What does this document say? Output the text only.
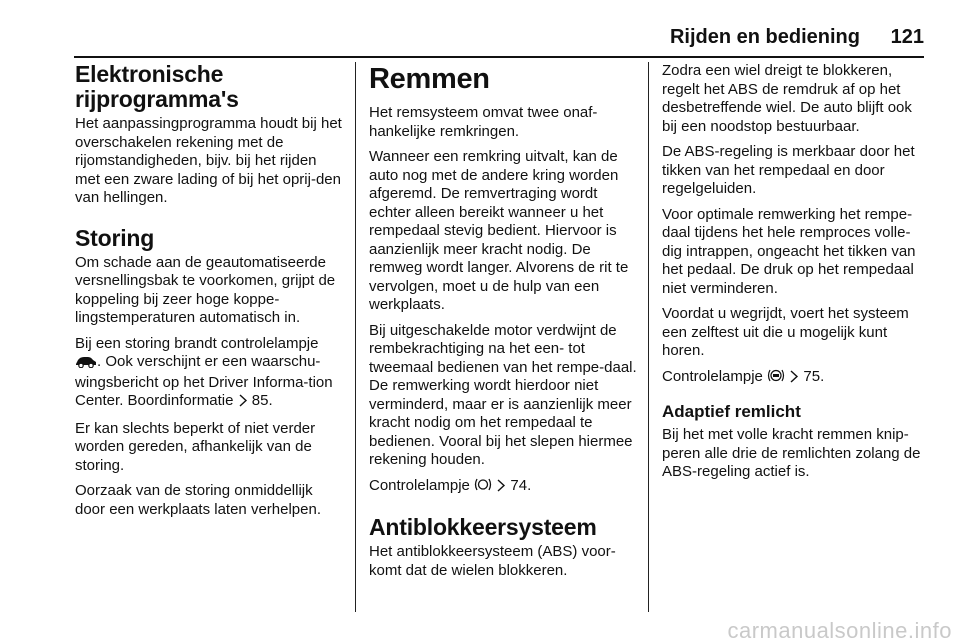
Rijden en bediening 121
Elektronische rijprogramma's

Het aanpassingprogramma houdt bij het overschakelen rekening met de rijomstandigheden, bijv. bij het rijden met een zware lading of bij het oprij-den van hellingen.

Storing

Om schade aan de geautomatiseerde versnellingsbak te voorkomen, grijpt de koppeling bij zeer hoge koppe-lingstemperaturen automatisch in.

Bij een storing brandt controlelampje
. Ook verschijnt er een waarschu-wingsbericht op het Driver Informa-tion Center. Boordinformatie 85.

Er kan slechts beperkt of niet verder worden gereden, afhankelijk van de storing.

Oorzaak van de storing onmiddellijk door een werkplaats laten verhelpen.

Remmen

Het remsysteem omvat twee onaf-hankelijke remkringen.

Wanneer een remkring uitvalt, kan de auto nog met de andere kring worden afgeremd. De remvertraging wordt echter alleen bereikt wanneer u het rempedaal stevig bedient. Hiervoor is aanzienlijk meer kracht nodig. De remweg wordt langer. Alvorens de rit te vervolgen, moet u de hulp van een werkplaats.

Bij uitgeschakelde motor verdwijnt de rembekrachtiging na het een- tot tweemaal bedienen van het rempe-daal. De remwerking wordt hierdoor niet verminderd, maar er is aanzienlijk meer kracht nodig om het rempedaal te bedienen. Vooral bij het slepen hiermee rekening houden.

Controlelampje	74.

Antiblokkeersysteem

Het antiblokkeersysteem (ABS) voor-komt dat de wielen blokkeren.

Zodra een wiel dreigt te blokkeren, regelt het ABS de remdruk af op het desbetreffende wiel. De auto blijft ook bij een noodstop bestuurbaar.

De ABS-regeling is merkbaar door het tikken van het rempedaal en door regelgeluiden.

Voor optimale remwerking het rempe-daal tijdens het hele remproces volle-dig intrappen, ongeacht het tikken van het pedaal. De druk op het rempedaal niet verminderen.

Voordat u wegrijdt, voert het systeem een zelftest uit die u mogelijk kunt horen.

Controlelampje	75.

Adaptief remlicht

Bij het met volle kracht remmen knip-peren alle drie de remlichten zolang de ABS-regeling actief is.

carmanualsonline.info
